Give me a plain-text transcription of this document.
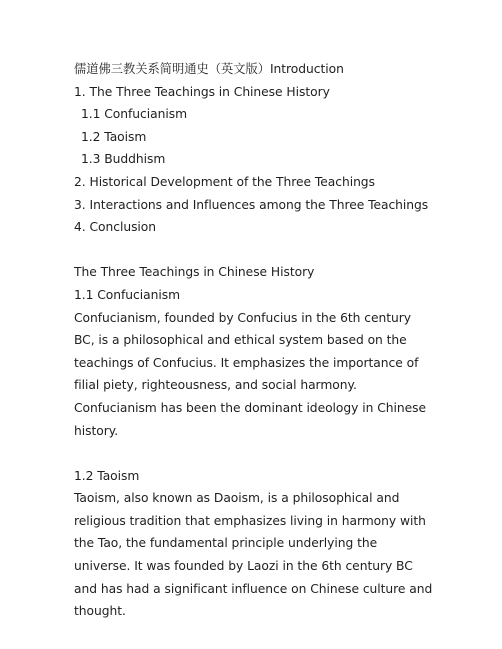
儒道佛三教关系简明通史（英文版）Introduction
1. The Three Teachings in Chinese History
1.1 Confucianism
1.2 Taoism
1.3 Buddhism
2. Historical Development of the Three Teachings
3. Interactions and Influences among the Three Teachings
4. Conclusion
The Three Teachings in Chinese History
1.1 Confucianism
Confucianism, founded by Confucius in the 6th century BC, is a philosophical and ethical system based on the teachings of Confucius. It emphasizes the importance of filial piety, righteousness, and social harmony. Confucianism has been the dominant ideology in Chinese history.
1.2 Taoism
Taoism, also known as Daoism, is a philosophical and religious tradition that emphasizes living in harmony with the Tao, the fundamental principle underlying the universe. It was founded by Laozi in the 6th century BC and has had a significant influence on Chinese culture and thought.
